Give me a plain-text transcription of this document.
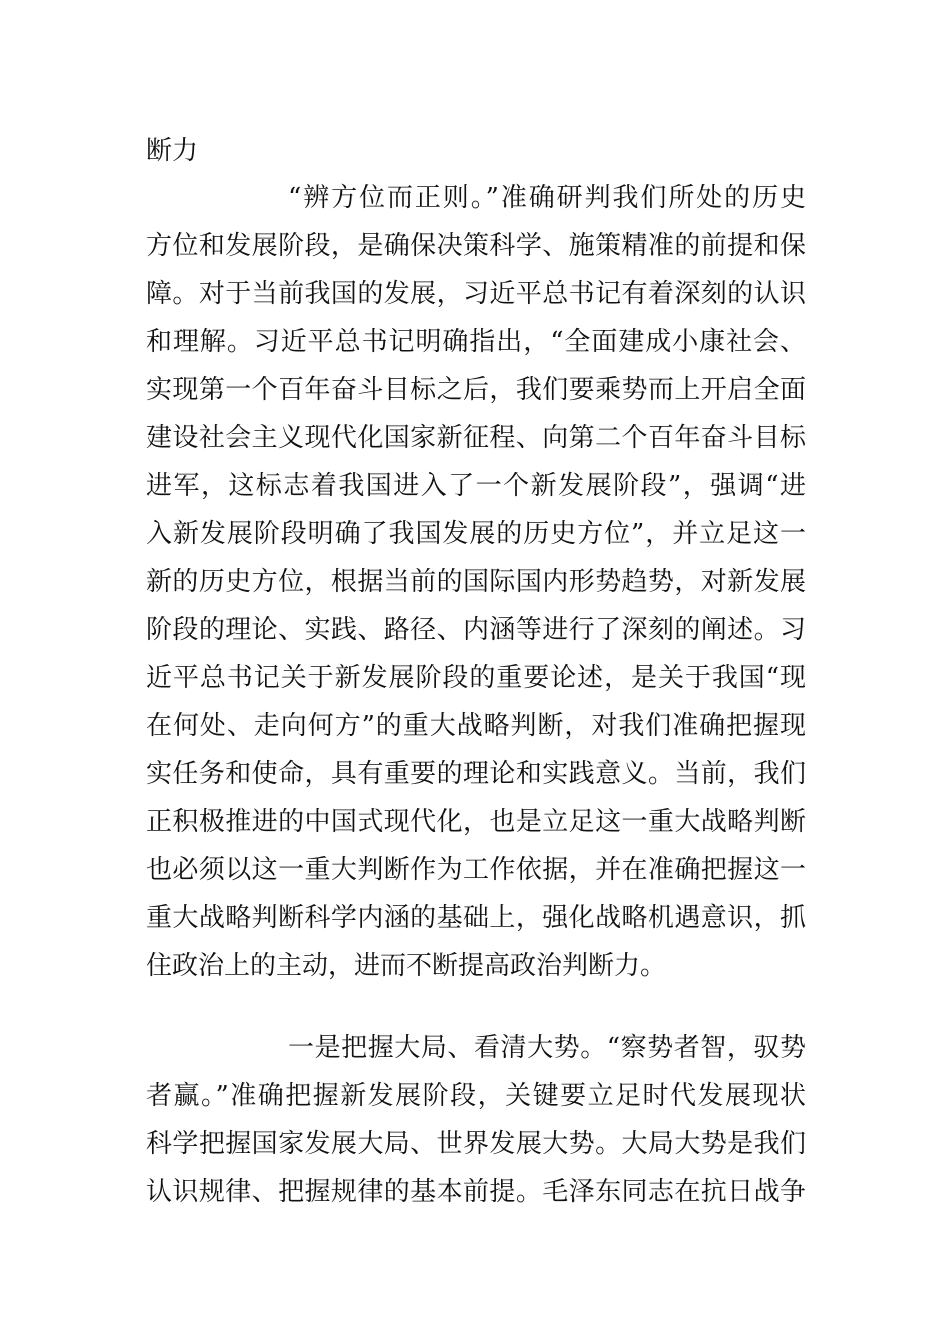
断力
“辨方位而正则。”准确研判我们所处的历史
方位和发展阶段，是确保决策科学、施策精准的前提和保
障。对于当前我国的发展，习近平总书记有着深刻的认识
和理解。习近平总书记明确指出，“全面建成小康社会、
实现第一个百年奋斗目标之后，我们要乘势而上开启全面
建设社会主义现代化国家新征程、向第二个百年奋斗目标
进军，这标志着我国进入了一个新发展阶段”，强调“进
入新发展阶段明确了我国发展的历史方位”，并立足这一
新的历史方位，根据当前的国际国内形势趋势，对新发展
阶段的理论、实践、路径、内涵等进行了深刻的阐述。习
近平总书记关于新发展阶段的重要论述，是关于我国“现
在何处、走向何方”的重大战略判断，对我们准确把握现
实任务和使命，具有重要的理论和实践意义。当前，我们
正积极推进的中国式现代化，也是立足这一重大战略判断
也必须以这一重大判断作为工作依据，并在准确把握这一
重大战略判断科学内涵的基础上，强化战略机遇意识，抓
住政治上的主动，进而不断提高政治判断力。
一是把握大局、看清大势。“察势者智，驭势
者赢。”准确把握新发展阶段，关键要立足时代发展现状
科学把握国家发展大局、世界发展大势。大局大势是我们
认识规律、把握规律的基本前提。毛泽东同志在抗日战争
